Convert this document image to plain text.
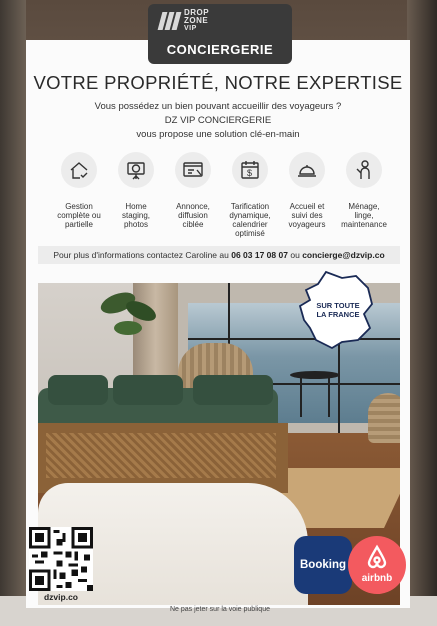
DROP
ZONE
VIP
CONCIERGERIE
VOTRE PROPRIÉTÉ, NOTRE EXPERTISE
Vous possédez un bien pouvant accueillir des voyageurs ?
DZ VIP CONCIERGERIE
vous propose une solution clé-en-main
Gestion
complète ou
partielle
Home
staging,
photos
Annonce,
diffusion
ciblée
$
Tarification
dynamique,
calendrier
optimisé
Accueil et
suivi des
voyageurs
Ménage,
linge,
maintenance
Pour plus d'informations contactez Caroline au 06 03 17 08 07 ou concierge@dzvip.co
SUR TOUTE
LA FRANCE
dzvip.co
Booking
airbnb
Ne pas jeter sur la voie publique
